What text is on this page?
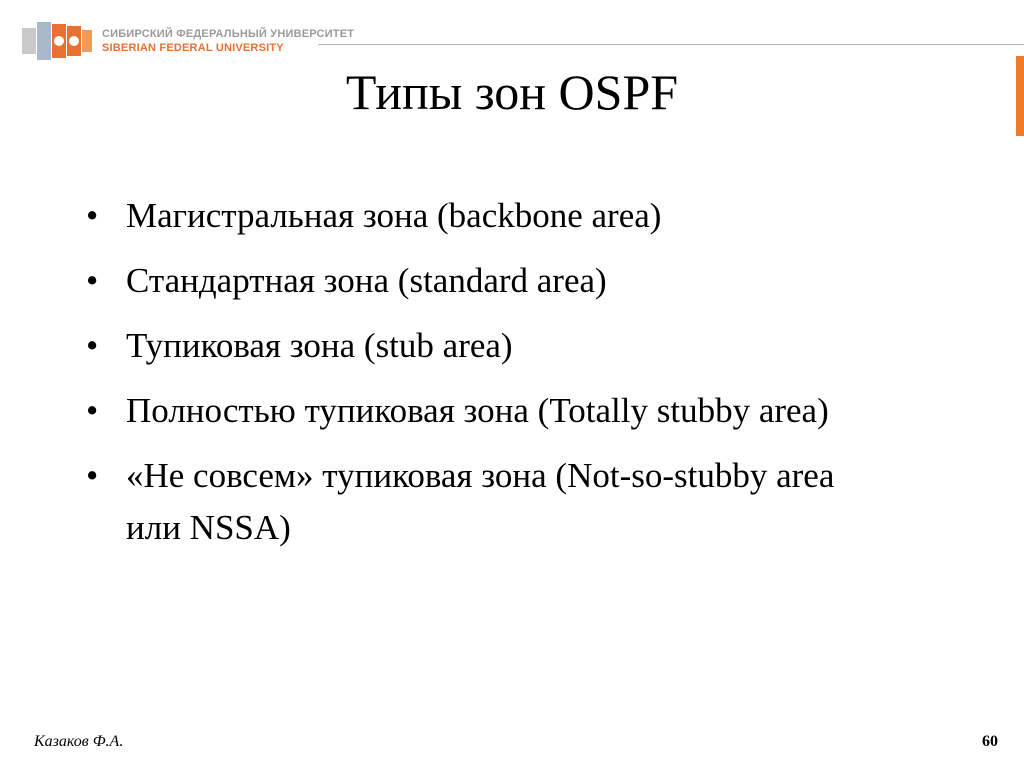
СИБИРСКИЙ ФЕДЕРАЛЬНЫЙ УНИВЕРСИТЕТ
SIBERIAN FEDERAL UNIVERSITY
Типы зон OSPF
• Магистральная зона (backbone area)
• Стандартная зона (standard area)
• Тупиковая зона (stub area)
• Полностью тупиковая зона (Totally stubby area)
• «Не совсем» тупиковая зона (Not-so-stubby area или NSSA)
Казаков Ф.А.	60
